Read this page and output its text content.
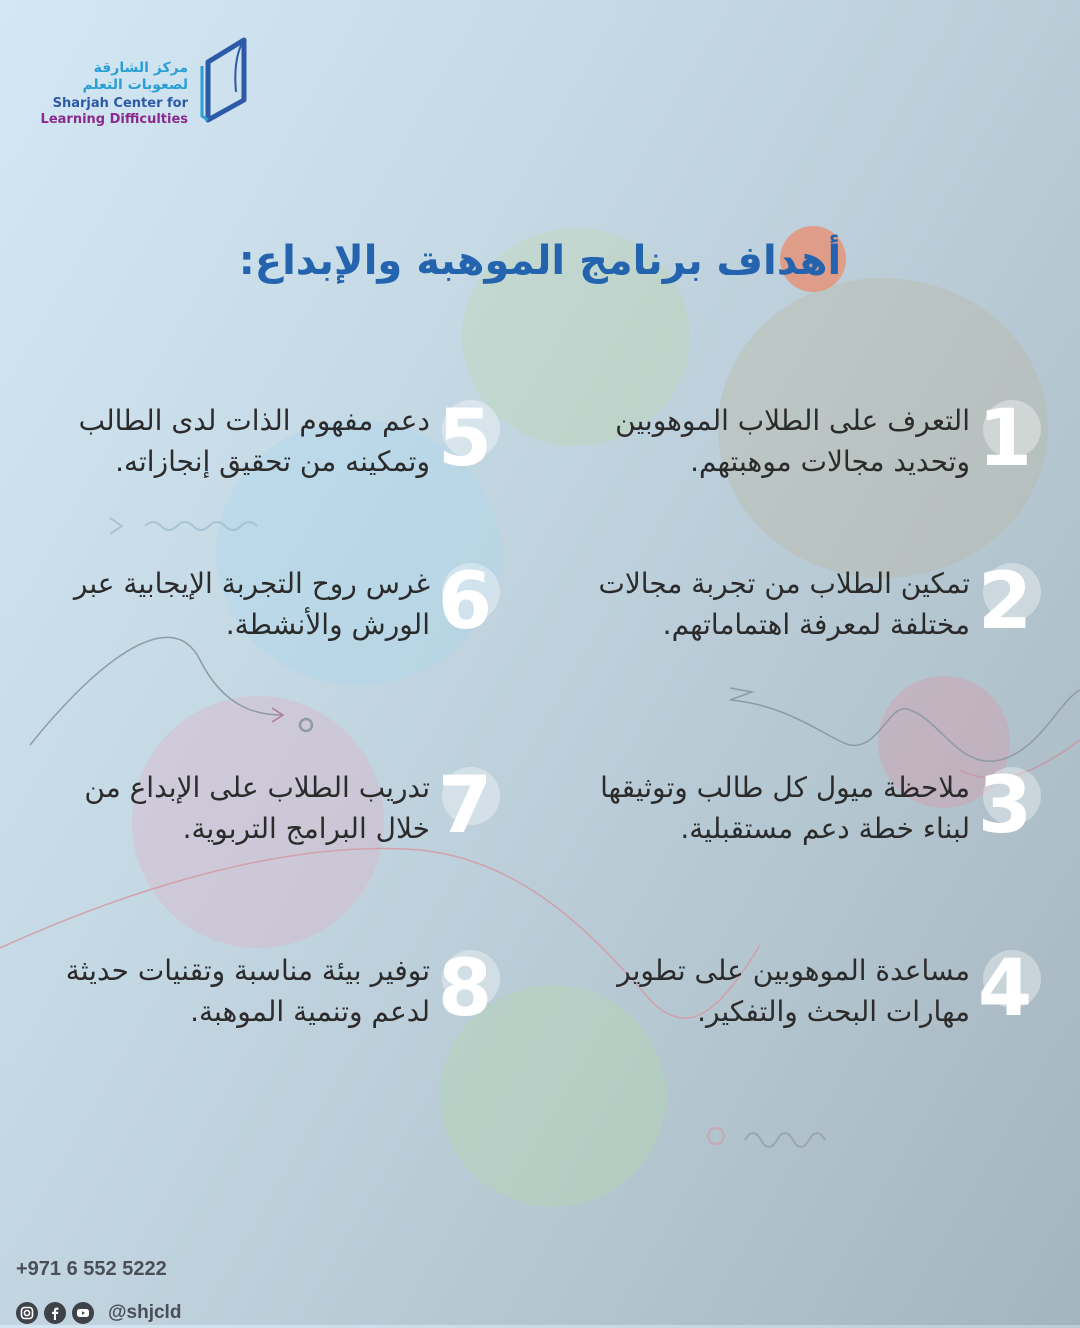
مركز الشارقة
لصعوبات التعلم
Sharjah Center for
Learning Difficulties
أهداف برنامج الموهبة والإبداع:
1
التعرف على الطلاب الموهوبين وتحديد مجالات موهبتهم.
2
تمكين الطلاب من تجربة مجالات مختلفة لمعرفة اهتماماتهم.
3
ملاحظة ميول كل طالب وتوثيقها لبناء خطة دعم مستقبلية.
4
مساعدة الموهوبين على تطوير مهارات البحث والتفكير.
5
دعم مفهوم الذات لدى الطالب وتمكينه من تحقيق إنجازاته.
6
غرس روح التجربة الإيجابية عبر الورش والأنشطة.
7
تدريب الطلاب على الإبداع من خلال البرامج التربوية.
8
توفير بيئة مناسبة وتقنيات حديثة لدعم وتنمية الموهبة.
+971 6 552 5222
@shjcld
